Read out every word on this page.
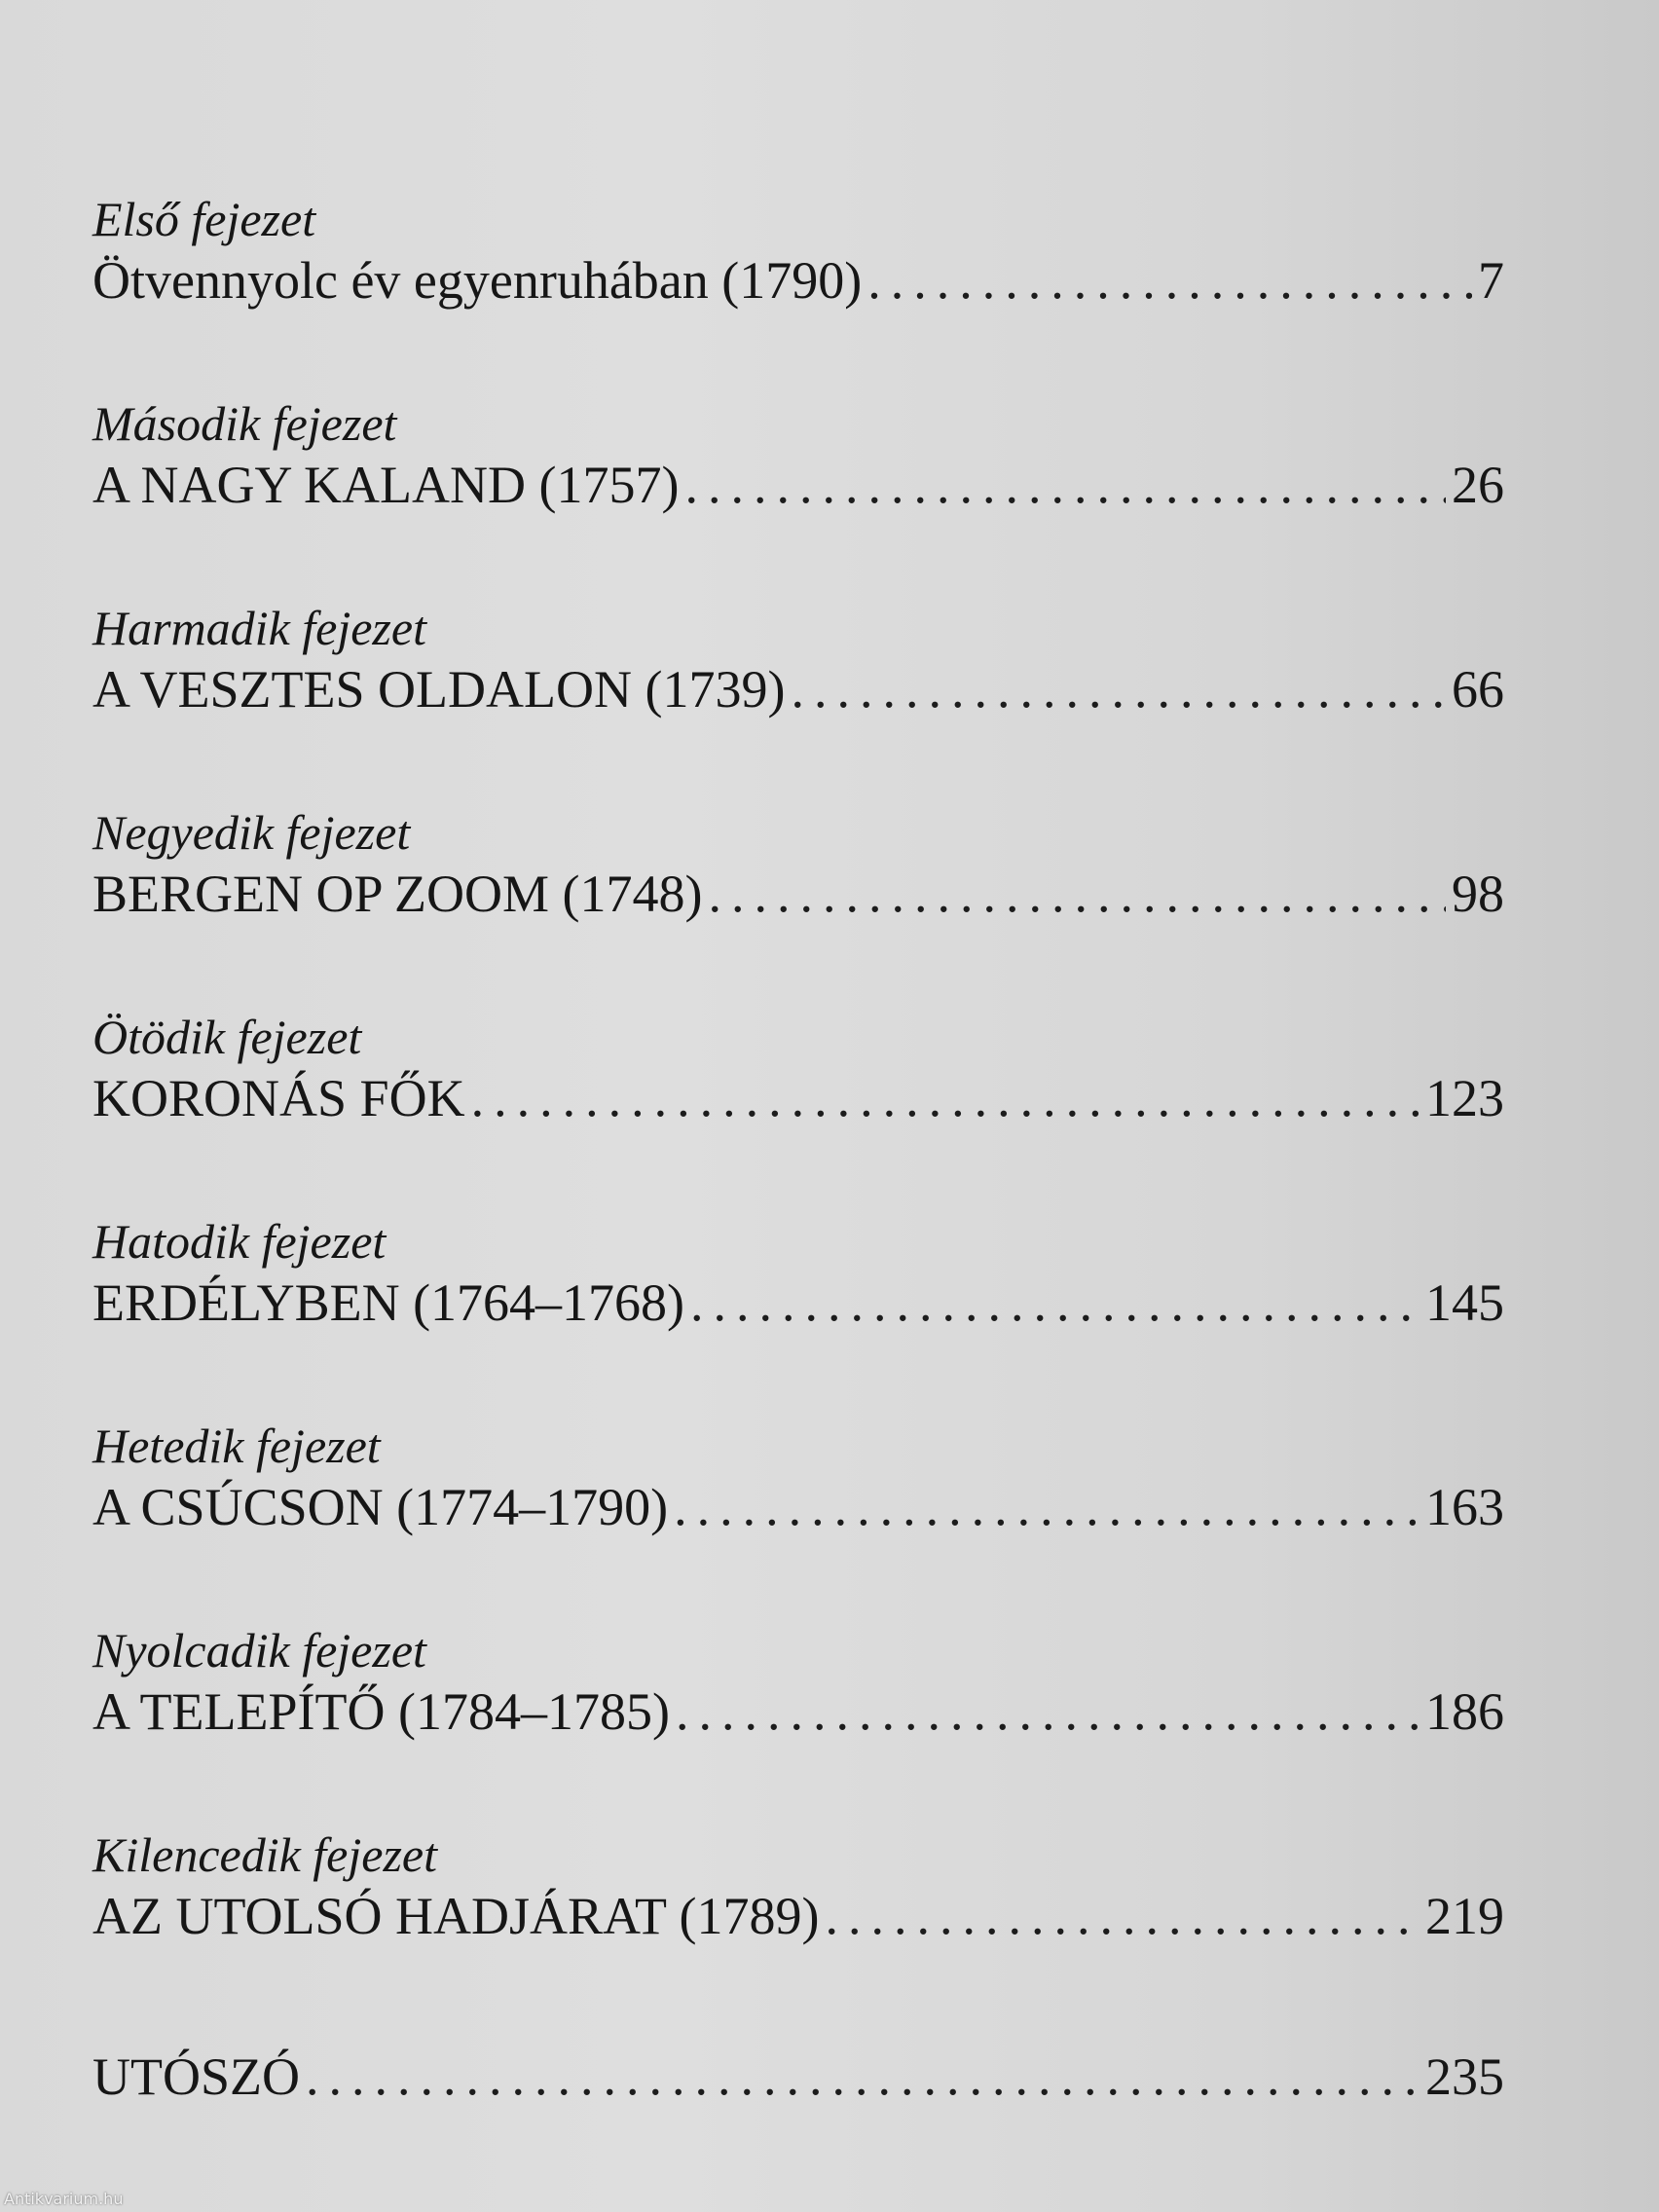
Első fejezet
Ötvennyolc év egyenruhában (1790) .....	7
Második fejezet
A NAGY KALAND (1757) .....	26
Harmadik fejezet
A VESZTES OLDALON (1739) .....	66
Negyedik fejezet
BERGEN OP ZOOM (1748) .....	98
Ötödik fejezet
KORONÁS FŐK .....	123
Hatodik fejezet
ERDÉLYBEN (1764–1768) .....	145
Hetedik fejezet
A CSÚCSON (1774–1790) .....	163
Nyolcadik fejezet
A TELEPÍTŐ (1784–1785) .....	186
Kilencedik fejezet
AZ UTOLSÓ HADJÁRAT (1789) .....	219
UTÓSZÓ .....	235
Antikvarium.hu
